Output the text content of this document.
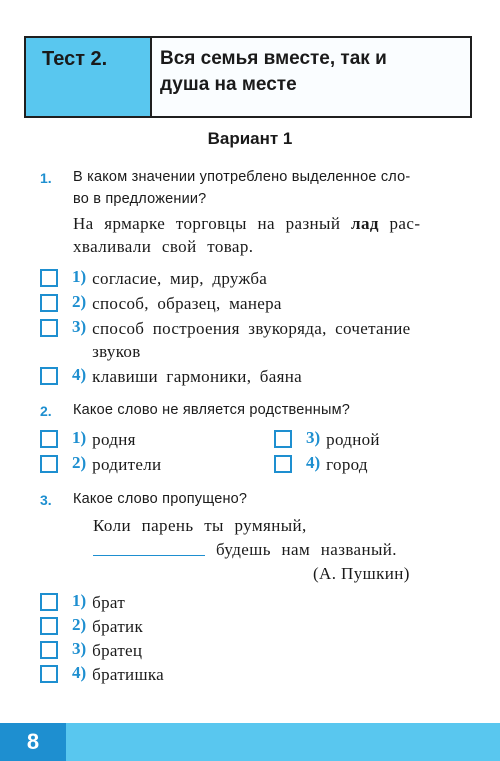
Тест 2.	Вся семья вместе, так и
душа на месте
Вариант 1
1. В каком значении употреблено выделенное сло-
во в предложении?
На ярмарке торговцы на разный лад рас-
хваливали свой товар.
1) согласие, мир, дружба
2) способ, образец, манера
3) способ построения звукоряда, сочетание
звуков
4) клавиши гармоники, баяна
2. Какое слово не является родственным?
1) родня
2) родители
3) родной
4) город
3. Какое слово пропущено?
Коли парень ты румяный,
будешь нам названый.
(А. Пушкин)
1) брат
2) братик
3) братец
4) братишка
8
